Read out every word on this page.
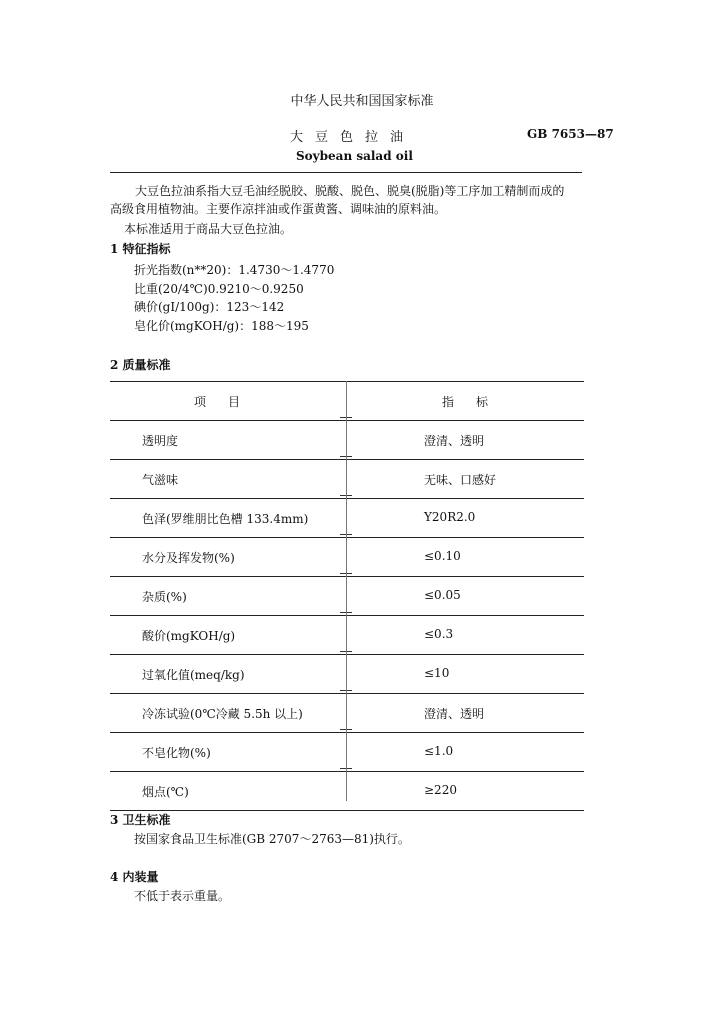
中华人民共和国国家标准
大豆色拉油	GB 7653—87
Soybean salad oil
大豆色拉油系指大豆毛油经脱胶、脱酸、脱色、脱臭(脱脂)等工序加工精制而成的
高级食用植物油。主要作凉拌油或作蛋黄酱、调味油的原料油。
本标准适用于商品大豆色拉油。
1 特征指标
折光指数(n**20)：1.4730～1.4770
比重(20/4℃)0.9210～0.9250
碘价(gI/100g)：123～142
皂化价(mgKOH/g)：188～195
2 质量标准
项目	指标
透明度	澄清、透明
气滋味	无味、口感好
色泽(罗维朋比色槽 133.4mm)	Y20R2.0
水分及挥发物(%)	≤0.10
杂质(%)	≤0.05
酸价(mgKOH/g)	≤0.3
过氧化值(meq/kg)	≤10
冷冻试验(0℃冷藏 5.5h 以上)	澄清、透明
不皂化物(%)	≤1.0
烟点(℃)	≥220
3 卫生标准
按国家食品卫生标准(GB 2707～2763—81)执行。
4 内装量
不低于表示重量。
